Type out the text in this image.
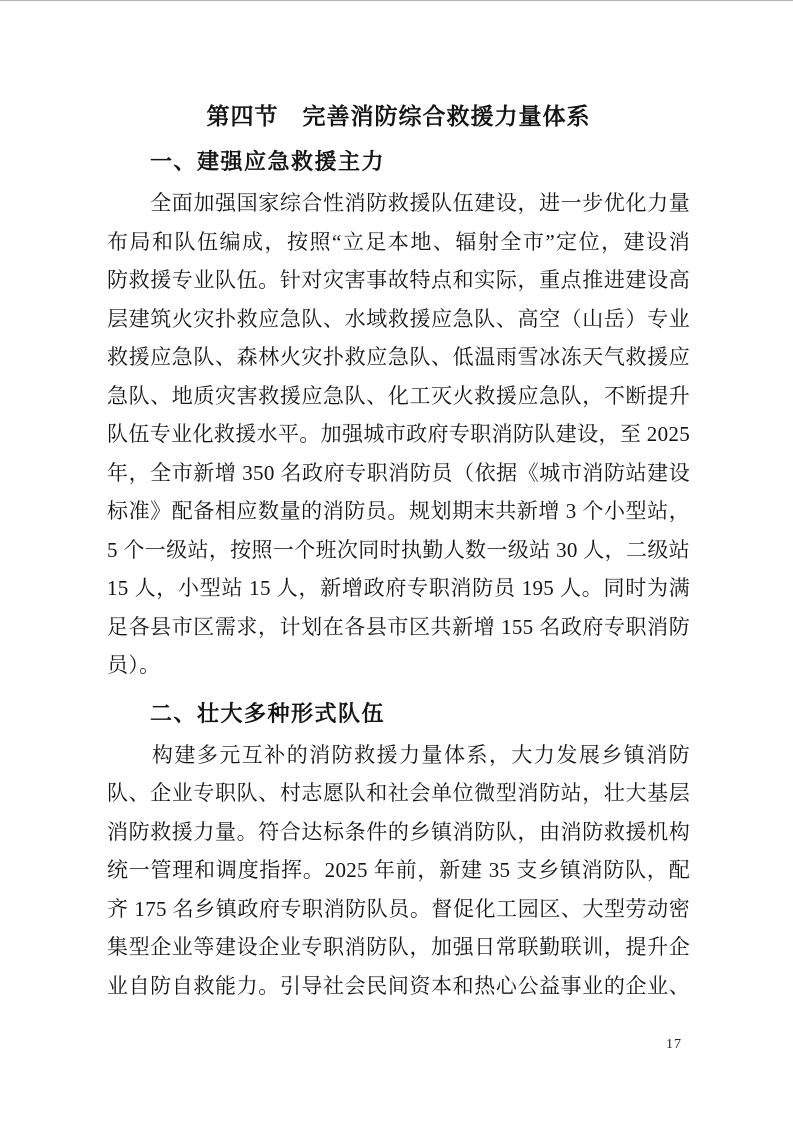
第四节　完善消防综合救援力量体系
一、建强应急救援主力
　　全面加强国家综合性消防救援队伍建设，进一步优化力量
布局和队伍编成，按照“立足本地、辐射全市”定位，建设消
防救援专业队伍。针对灾害事故特点和实际，重点推进建设高
层建筑火灾扑救应急队、水域救援应急队、高空（山岳）专业
救援应急队、森林火灾扑救应急队、低温雨雪冰冻天气救援应
急队、地质灾害救援应急队、化工灭火救援应急队，不断提升
队伍专业化救援水平。加强城市政府专职消防队建设，至 2025
年，全市新增 350 名政府专职消防员（依据《城市消防站建设
标准》配备相应数量的消防员。规划期末共新增 3 个小型站，
5 个一级站，按照一个班次同时执勤人数一级站 30 人，二级站
15 人，小型站 15 人，新增政府专职消防员 195 人。同时为满
足各县市区需求，计划在各县市区共新增 155 名政府专职消防
员）。
二、壮大多种形式队伍
　　构建多元互补的消防救援力量体系，大力发展乡镇消防
队、企业专职队、村志愿队和社会单位微型消防站，壮大基层
消防救援力量。符合达标条件的乡镇消防队，由消防救援机构
统一管理和调度指挥。2025 年前，新建 35 支乡镇消防队，配
齐 175 名乡镇政府专职消防队员。督促化工园区、大型劳动密
集型企业等建设企业专职消防队，加强日常联勤联训，提升企
业自防自救能力。引导社会民间资本和热心公益事业的企业、
17
